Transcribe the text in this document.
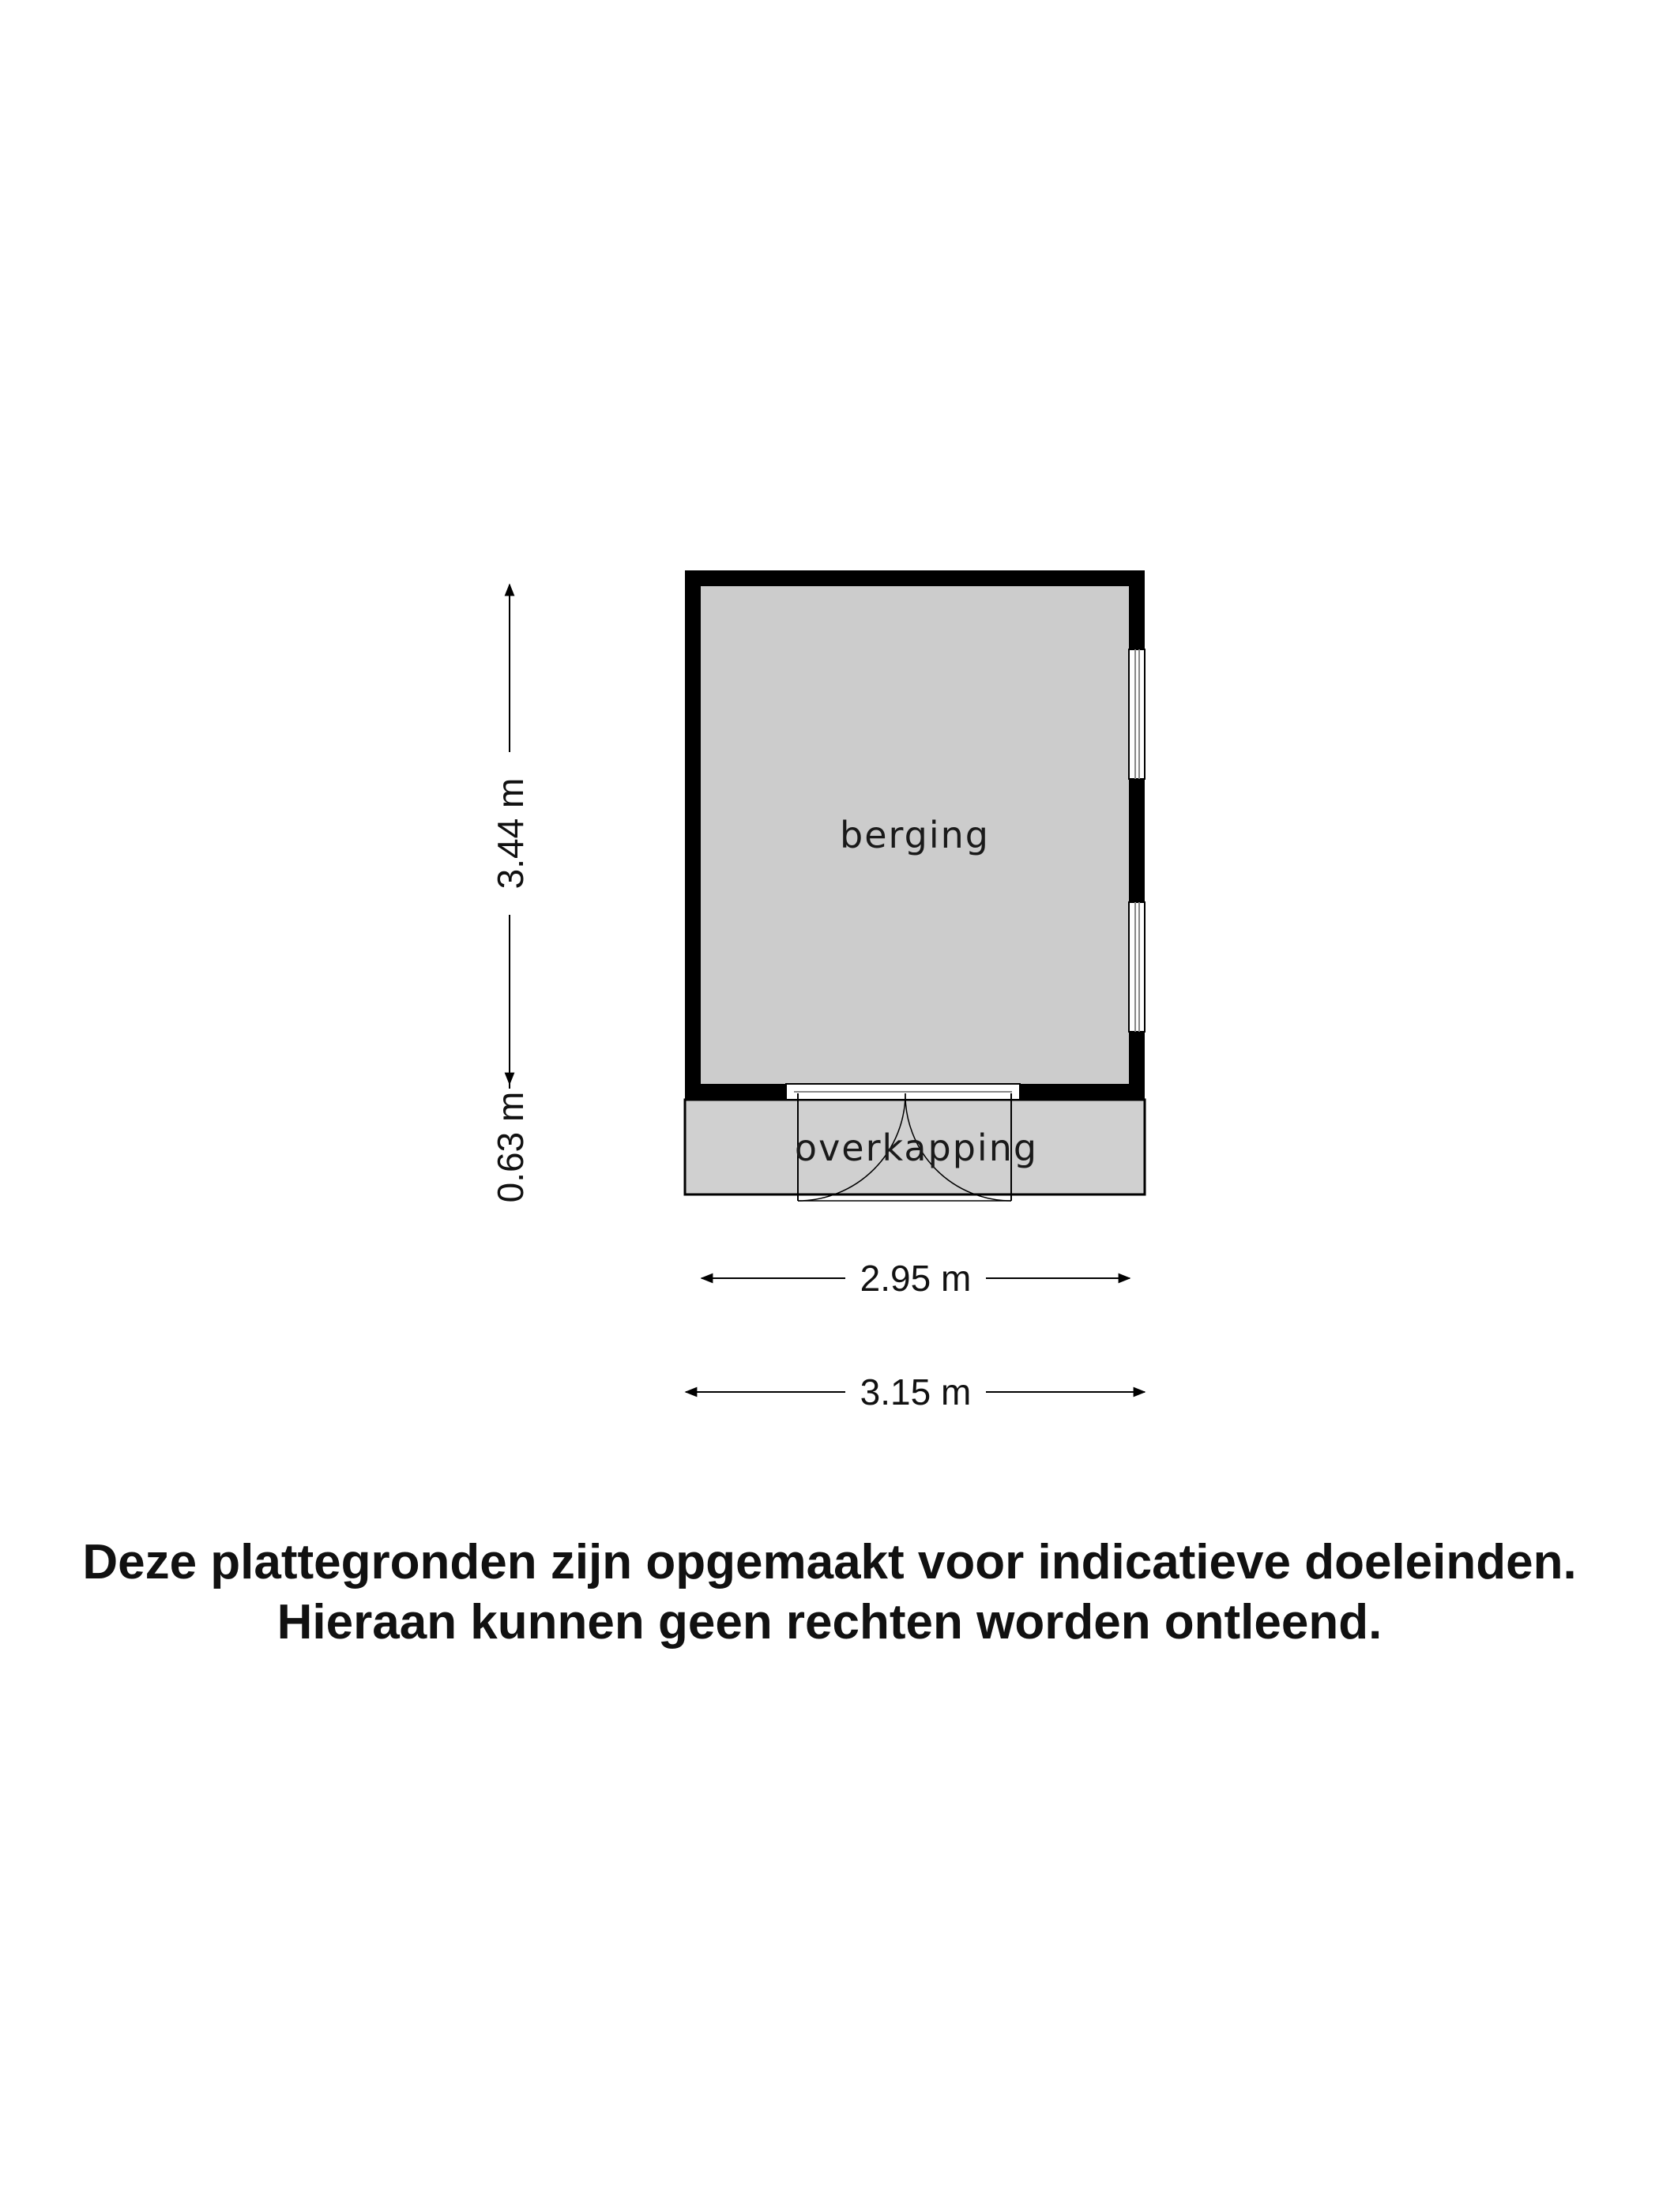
berging
overkapping
3.44 m
0.63 m
2.95 m
3.15 m
Deze plattegronden zijn opgemaakt voor indicatieve doeleinden.
Hieraan kunnen geen rechten worden ontleend.
